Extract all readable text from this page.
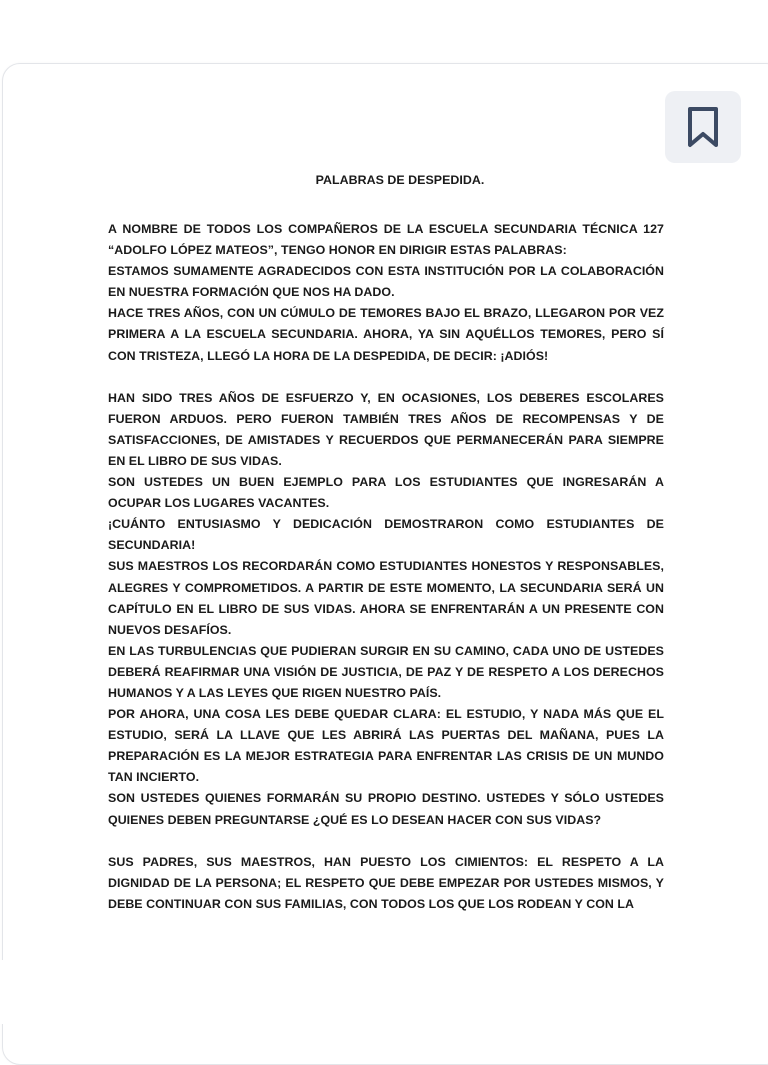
PALABRAS DE DESPEDIDA.

A NOMBRE DE TODOS LOS COMPAÑEROS DE LA ESCUELA SECUNDARIA TÉCNICA 127 “ADOLFO LÓPEZ MATEOS”, TENGO HONOR EN DIRIGIR ESTAS PALABRAS:

ESTAMOS SUMAMENTE AGRADECIDOS CON ESTA INSTITUCIÓN POR LA COLABORACIÓN EN NUESTRA FORMACIÓN QUE NOS HA DADO.

HACE TRES AÑOS, CON UN CÚMULO DE TEMORES BAJO EL BRAZO, LLEGARON POR VEZ PRIMERA A LA ESCUELA SECUNDARIA. AHORA, YA SIN AQUÉLLOS TEMORES, PERO SÍ CON TRISTEZA, LLEGÓ LA HORA DE LA DESPEDIDA, DE DECIR: ¡ADIÓS!

HAN SIDO TRES AÑOS DE ESFUERZO Y, EN OCASIONES, LOS DEBERES ESCOLARES FUERON ARDUOS. PERO FUERON TAMBIÉN TRES AÑOS DE RECOMPENSAS Y DE SATISFACCIONES, DE AMISTADES Y RECUERDOS QUE PERMANECERÁN PARA SIEMPRE EN EL LIBRO DE SUS VIDAS.

SON USTEDES UN BUEN EJEMPLO PARA LOS ESTUDIANTES QUE INGRESARÁN A OCUPAR LOS LUGARES VACANTES.

¡CUÁNTO ENTUSIASMO Y DEDICACIÓN DEMOSTRARON COMO ESTUDIANTES DE SECUNDARIA!

SUS MAESTROS LOS RECORDARÁN COMO ESTUDIANTES HONESTOS Y RESPONSABLES, ALEGRES Y COMPROMETIDOS. A PARTIR DE ESTE MOMENTO, LA SECUNDARIA SERÁ UN CAPÍTULO EN EL LIBRO DE SUS VIDAS. AHORA SE ENFRENTARÁN A UN PRESENTE CON NUEVOS DESAFÍOS.

EN LAS TURBULENCIAS QUE PUDIERAN SURGIR EN SU CAMINO, CADA UNO DE USTEDES DEBERÁ REAFIRMAR UNA VISIÓN DE JUSTICIA, DE PAZ Y DE RESPETO A LOS DERECHOS HUMANOS Y A LAS LEYES QUE RIGEN NUESTRO PAÍS.

POR AHORA, UNA COSA LES DEBE QUEDAR CLARA: EL ESTUDIO, Y NADA MÁS QUE EL ESTUDIO, SERÁ LA LLAVE QUE LES ABRIRÁ LAS PUERTAS DEL MAÑANA, PUES LA PREPARACIÓN ES LA MEJOR ESTRATEGIA PARA ENFRENTAR LAS CRISIS DE UN MUNDO TAN INCIERTO.

SON USTEDES QUIENES FORMARÁN SU PROPIO DESTINO. USTEDES Y SÓLO USTEDES QUIENES DEBEN PREGUNTARSE ¿QUÉ ES LO DESEAN HACER CON SUS VIDAS?

SUS PADRES, SUS MAESTROS, HAN PUESTO LOS CIMIENTOS: EL RESPETO A LA DIGNIDAD DE LA PERSONA; EL RESPETO QUE DEBE EMPEZAR POR USTEDES MISMOS, Y DEBE CONTINUAR CON SUS FAMILIAS, CON TODOS LOS QUE LOS RODEAN Y CON LA
